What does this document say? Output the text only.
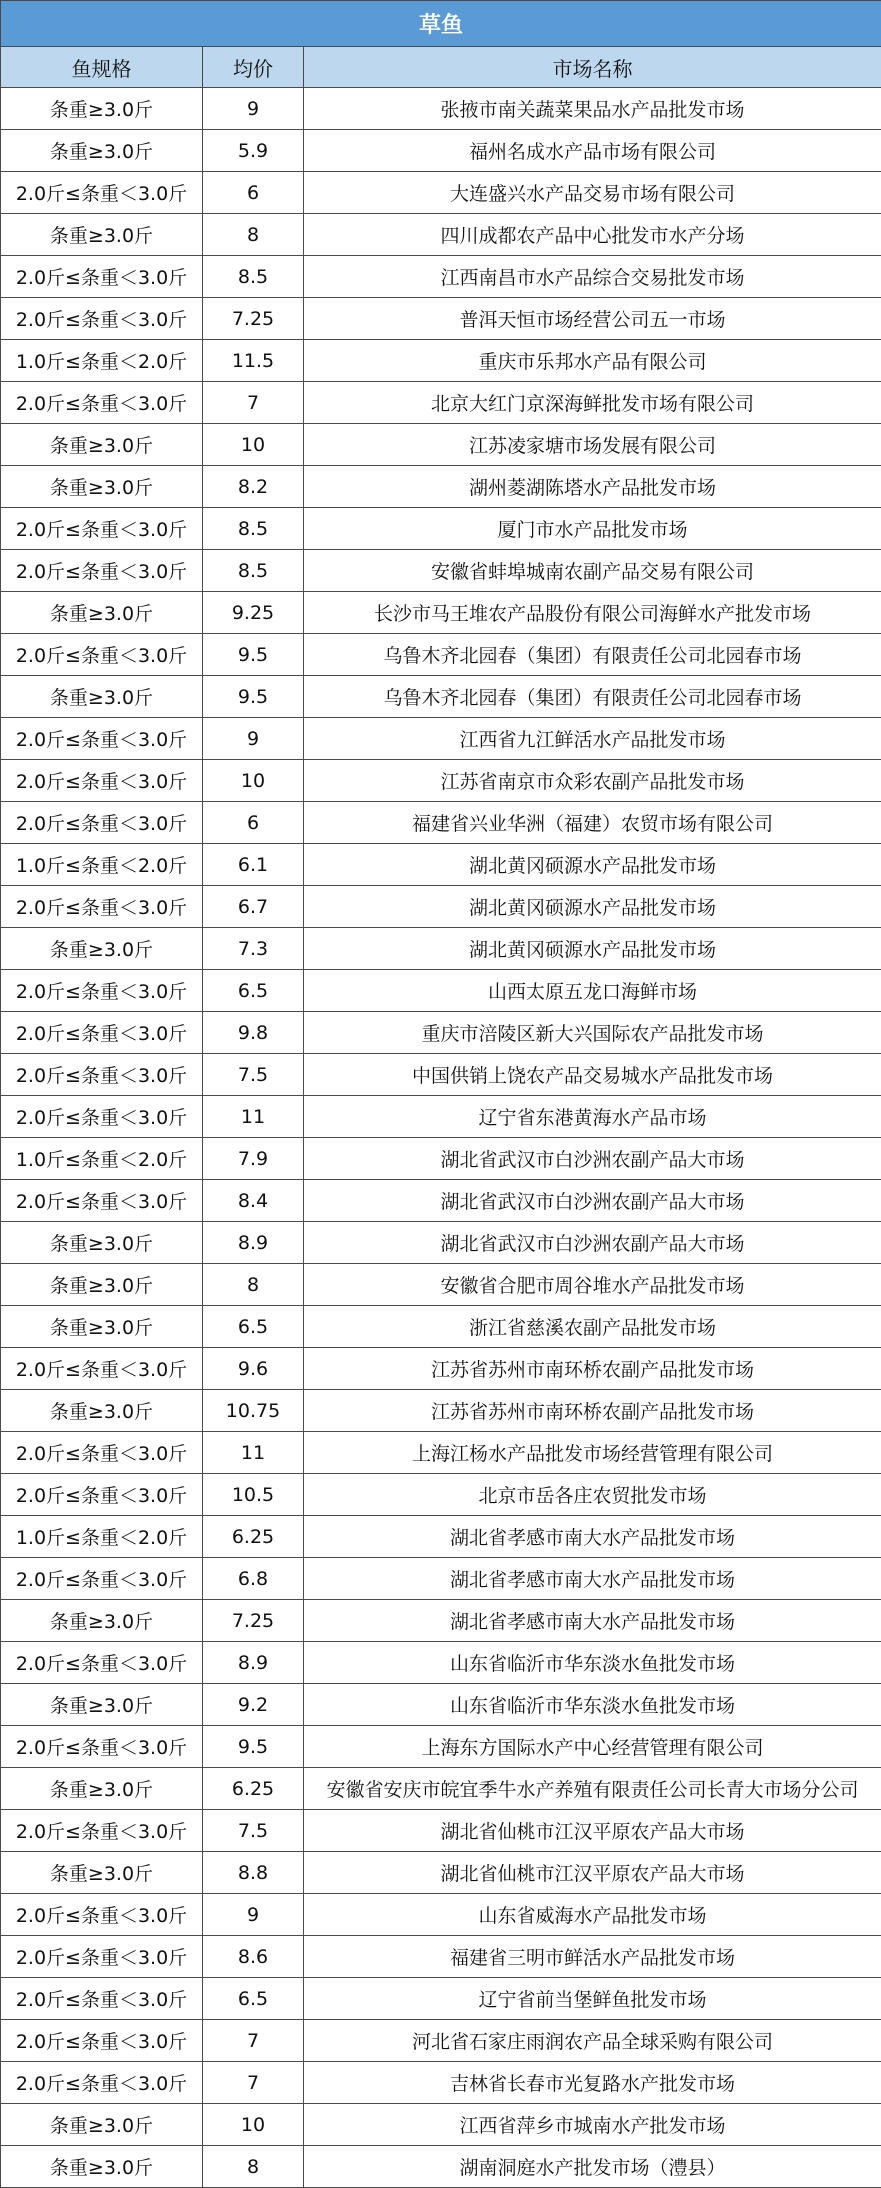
草鱼		
鱼规格	均价	市场名称
条重≥3.0斤	9	张掖市南关蔬菜果品水产品批发市场
条重≥3.0斤	5.9	福州名成水产品市场有限公司
2.0斤≤条重＜3.0斤	6	大连盛兴水产品交易市场有限公司
条重≥3.0斤	8	四川成都农产品中心批发市水产分场
2.0斤≤条重＜3.0斤	8.5	江西南昌市水产品综合交易批发市场
2.0斤≤条重＜3.0斤	7.25	普洱天恒市场经营公司五一市场
1.0斤≤条重＜2.0斤	11.5	重庆市乐邦水产品有限公司
2.0斤≤条重＜3.0斤	7	北京大红门京深海鲜批发市场有限公司
条重≥3.0斤	10	江苏凌家塘市场发展有限公司
条重≥3.0斤	8.2	湖州菱湖陈塔水产品批发市场
2.0斤≤条重＜3.0斤	8.5	厦门市水产品批发市场
2.0斤≤条重＜3.0斤	8.5	安徽省蚌埠城南农副产品交易有限公司
条重≥3.0斤	9.25	长沙市马王堆农产品股份有限公司海鲜水产批发市场
2.0斤≤条重＜3.0斤	9.5	乌鲁木齐北园春（集团）有限责任公司北园春市场
条重≥3.0斤	9.5	乌鲁木齐北园春（集团）有限责任公司北园春市场
2.0斤≤条重＜3.0斤	9	江西省九江鲜活水产品批发市场
2.0斤≤条重＜3.0斤	10	江苏省南京市众彩农副产品批发市场
2.0斤≤条重＜3.0斤	6	福建省兴业华洲（福建）农贸市场有限公司
1.0斤≤条重＜2.0斤	6.1	湖北黄冈硕源水产品批发市场
2.0斤≤条重＜3.0斤	6.7	湖北黄冈硕源水产品批发市场
条重≥3.0斤	7.3	湖北黄冈硕源水产品批发市场
2.0斤≤条重＜3.0斤	6.5	山西太原五龙口海鲜市场
2.0斤≤条重＜3.0斤	9.8	重庆市涪陵区新大兴国际农产品批发市场
2.0斤≤条重＜3.0斤	7.5	中国供销上饶农产品交易城水产品批发市场
2.0斤≤条重＜3.0斤	11	辽宁省东港黄海水产品市场
1.0斤≤条重＜2.0斤	7.9	湖北省武汉市白沙洲农副产品大市场
2.0斤≤条重＜3.0斤	8.4	湖北省武汉市白沙洲农副产品大市场
条重≥3.0斤	8.9	湖北省武汉市白沙洲农副产品大市场
条重≥3.0斤	8	安徽省合肥市周谷堆水产品批发市场
条重≥3.0斤	6.5	浙江省慈溪农副产品批发市场
2.0斤≤条重＜3.0斤	9.6	江苏省苏州市南环桥农副产品批发市场
条重≥3.0斤	10.75	江苏省苏州市南环桥农副产品批发市场
2.0斤≤条重＜3.0斤	11	上海江杨水产品批发市场经营管理有限公司
2.0斤≤条重＜3.0斤	10.5	北京市岳各庄农贸批发市场
1.0斤≤条重＜2.0斤	6.25	湖北省孝感市南大水产品批发市场
2.0斤≤条重＜3.0斤	6.8	湖北省孝感市南大水产品批发市场
条重≥3.0斤	7.25	湖北省孝感市南大水产品批发市场
2.0斤≤条重＜3.0斤	8.9	山东省临沂市华东淡水鱼批发市场
条重≥3.0斤	9.2	山东省临沂市华东淡水鱼批发市场
2.0斤≤条重＜3.0斤	9.5	上海东方国际水产中心经营管理有限公司
条重≥3.0斤	6.25	安徽省安庆市皖宜季牛水产养殖有限责任公司长青大市场分公司
2.0斤≤条重＜3.0斤	7.5	湖北省仙桃市江汉平原农产品大市场
条重≥3.0斤	8.8	湖北省仙桃市江汉平原农产品大市场
2.0斤≤条重＜3.0斤	9	山东省威海水产品批发市场
2.0斤≤条重＜3.0斤	8.6	福建省三明市鲜活水产品批发市场
2.0斤≤条重＜3.0斤	6.5	辽宁省前当堡鲜鱼批发市场
2.0斤≤条重＜3.0斤	7	河北省石家庄雨润农产品全球采购有限公司
2.0斤≤条重＜3.0斤	7	吉林省长春市光复路水产批发市场
条重≥3.0斤	10	江西省萍乡市城南水产批发市场
条重≥3.0斤	8	湖南洞庭水产批发市场（澧县）
